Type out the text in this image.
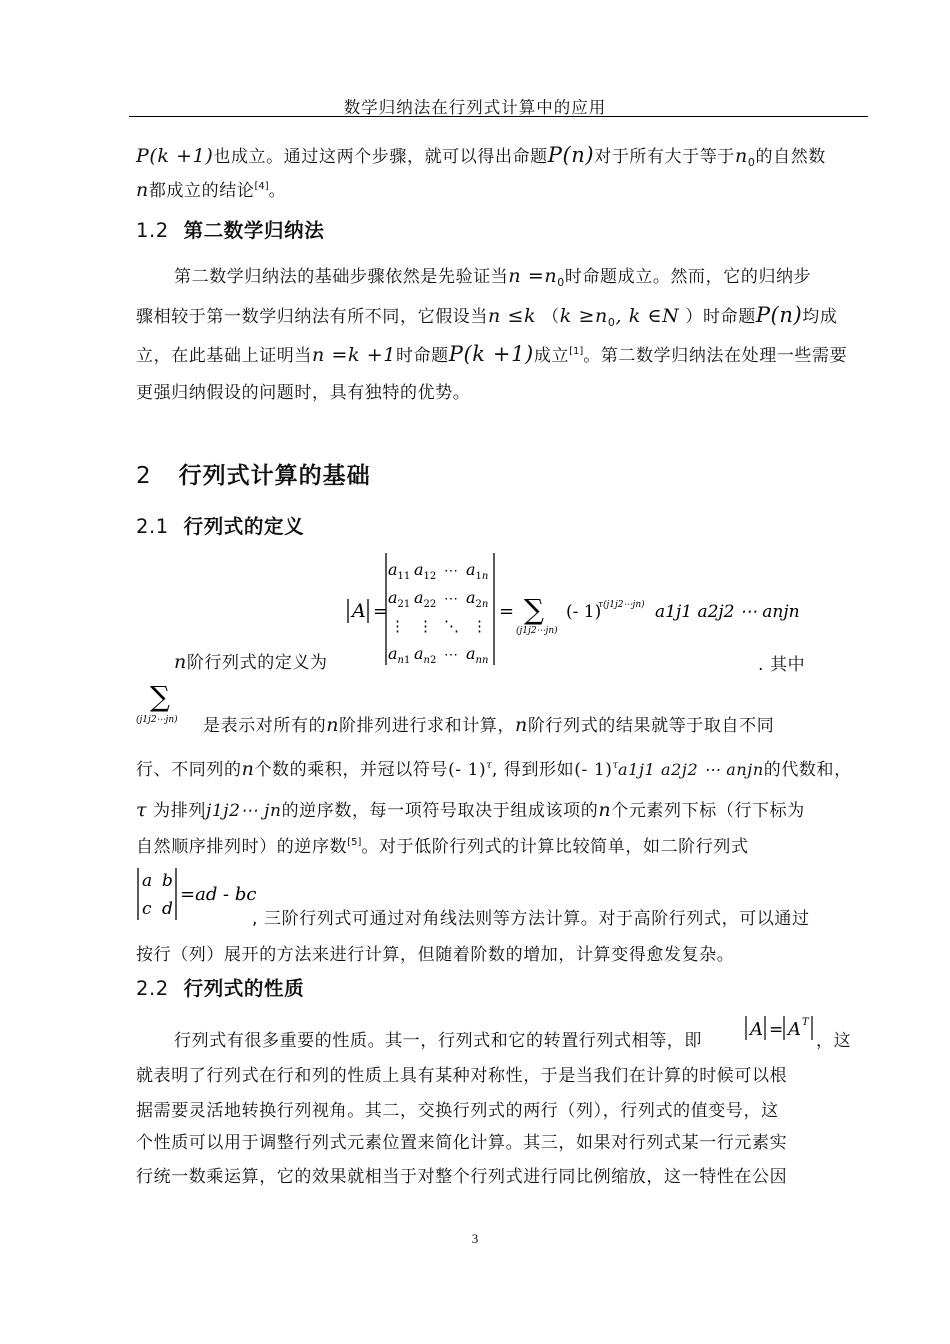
数学归纳法在行列式计算中的应用
P(k +1)也成立。通过这两个步骤，就可以得出命题P(n)对于所有大于等于$n_0$的自然数
n都成立的结论[4]。
1.2 第二数学归纳法
第二数学归纳法的基础步骤依然是先验证当$n =n_0$时命题成立。然而，它的归纳步
骤相较于第一数学归纳法有所不同，它假设当n ≤k （$k \ge n_0$, k ∈N ）时命题P(n)均成
立，在此基础上证明当n =k +1时命题P(k +1)成立[1]。第二数学归纳法在处理一些需要
更强归纳假设的问题时，具有独特的优势。
2 行列式计算的基础
2.1 行列式的定义
A =
$a_{11}$ $a_{12}$ ⋯ $a_1n$
$a_{21}$ $a_{22}$ ⋯ $a_2n$
⋮ ⋮ ⋱ ⋮
$a_n1$ $a_n2$ ⋯ $a_{nn}$
= ∑
(j1j2⋯jn)
(- 1)
τ(j1j2⋯jn) a1j1 a2j2 ⋯ anjn
n阶行列式的定义为	. 其中
∑
(j1j2⋯jn) 是表示对所有的n阶排列进行求和计算，n阶行列式的结果就等于取自不同
行、不同列的n个数的乘积，并冠以符号(- 1)$^\tau$, 得到形如(- 1)$^\tau$a1j1 a2j2 ⋯ anjn的代数和，
τ 为排列j1j2⋯ jn的逆序数，每一项符号取决于组成该项的n个元素列下标（行下标为
自然顺序排列时）的逆序数[5]。对于低阶行列式的计算比较简单，如二阶行列式
a b
c d
=ad - bc
, 三阶行列式可通过对角线法则等方法计算。对于高阶行列式，可以通过
按行（列）展开的方法来进行计算，但随着阶数的增加，计算变得愈发复杂。
2.2 行列式的性质
行列式有很多重要的性质。其一，行列式和它的转置行列式相等，即
A = A T
，这
就表明了行列式在行和列的性质上具有某种对称性，于是当我们在计算的时候可以根
据需要灵活地转换行列视角。其二，交换行列式的两行（列），行列式的值变号，这
个性质可以用于调整行列式元素位置来简化计算。其三，如果对行列式某一行元素实
行统一数乘运算，它的效果就相当于对整个行列式进行同比例缩放，这一特性在公因
3
